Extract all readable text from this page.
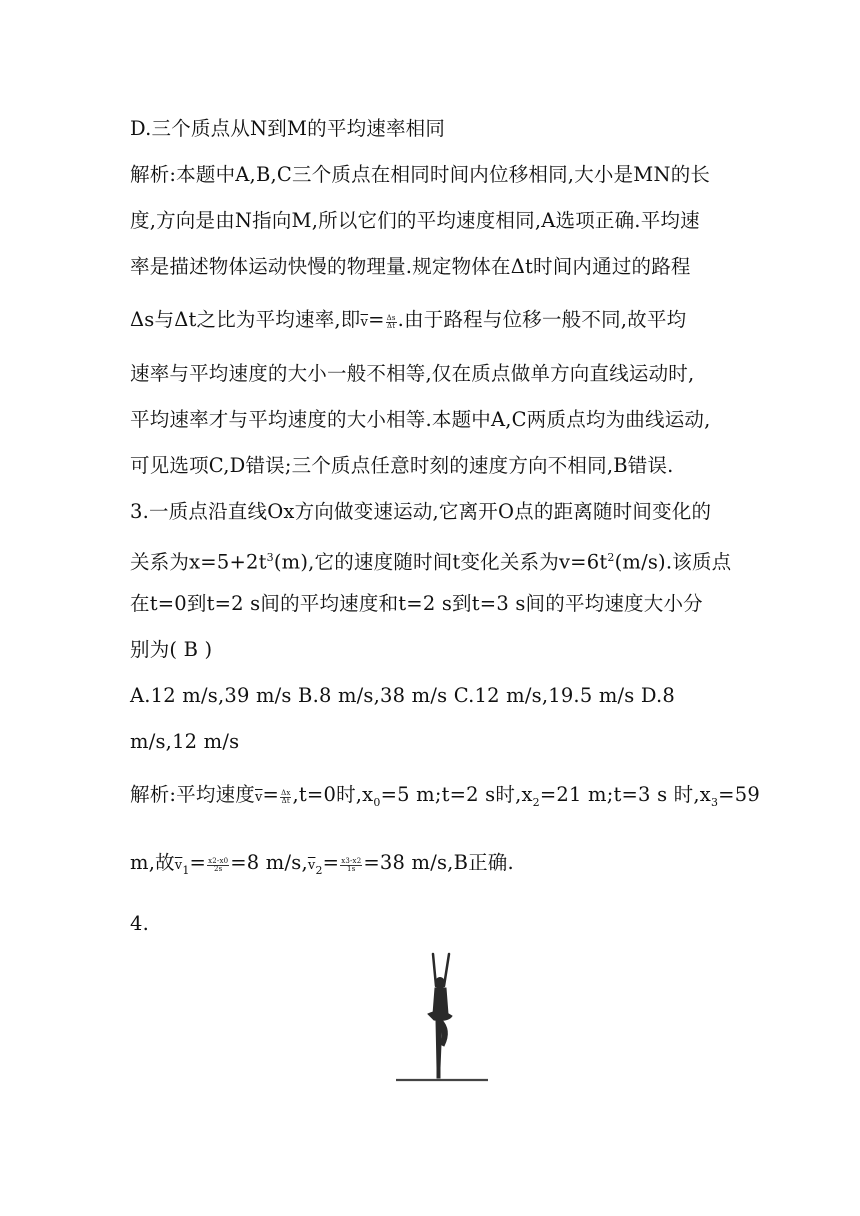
D.三个质点从N到M的平均速率相同
解析:本题中A,B,C三个质点在相同时间内位移相同,大小是MN的长
度,方向是由N指向M,所以它们的平均速度相同,A选项正确.平均速
率是描述物体运动快慢的物理量.规定物体在Δt时间内通过的路程
Δs与Δt之比为平均速率,即$\overline{v}= \frac{\Delta s}{\Delta t}$ .由于路程与位移一般不同,故平均
速率与平均速度的大小一般不相等,仅在质点做单方向直线运动时,
平均速率才与平均速度的大小相等.本题中A,C两质点均为曲线运动,
可见选项C,D错误;三个质点任意时刻的速度方向不相同,B错误.
3.一质点沿直线Ox方向做变速运动,它离开O点的距离随时间变化的
关系为$x=5+2t^3(m)$,它的速度随时间t变化关系为$v=6t^2(m/s)$.该质点
在t=0到t=2 s间的平均速度和t=2 s到t=3 s间的平均速度大小分
别为( B )
A.12 m/s,39 m/s B.8 m/s,38 m/s C.12 m/s,19.5 m/s D.8
m/s,12 m/s
解析:平均速度$\overline{v}= \frac{\Delta x}{\Delta t} ,t=0$时$,x_0=5$ m;t=2 s时$,x_2=21$ m;t=3 s 时$,x_3=59$
m,故$\overline{v}_1= \frac{x2-x0}{2s} =8$ $m/s,\overline{v}_2= \frac{x3-x2}{1s} =38$ m/s,B正确.
4.
